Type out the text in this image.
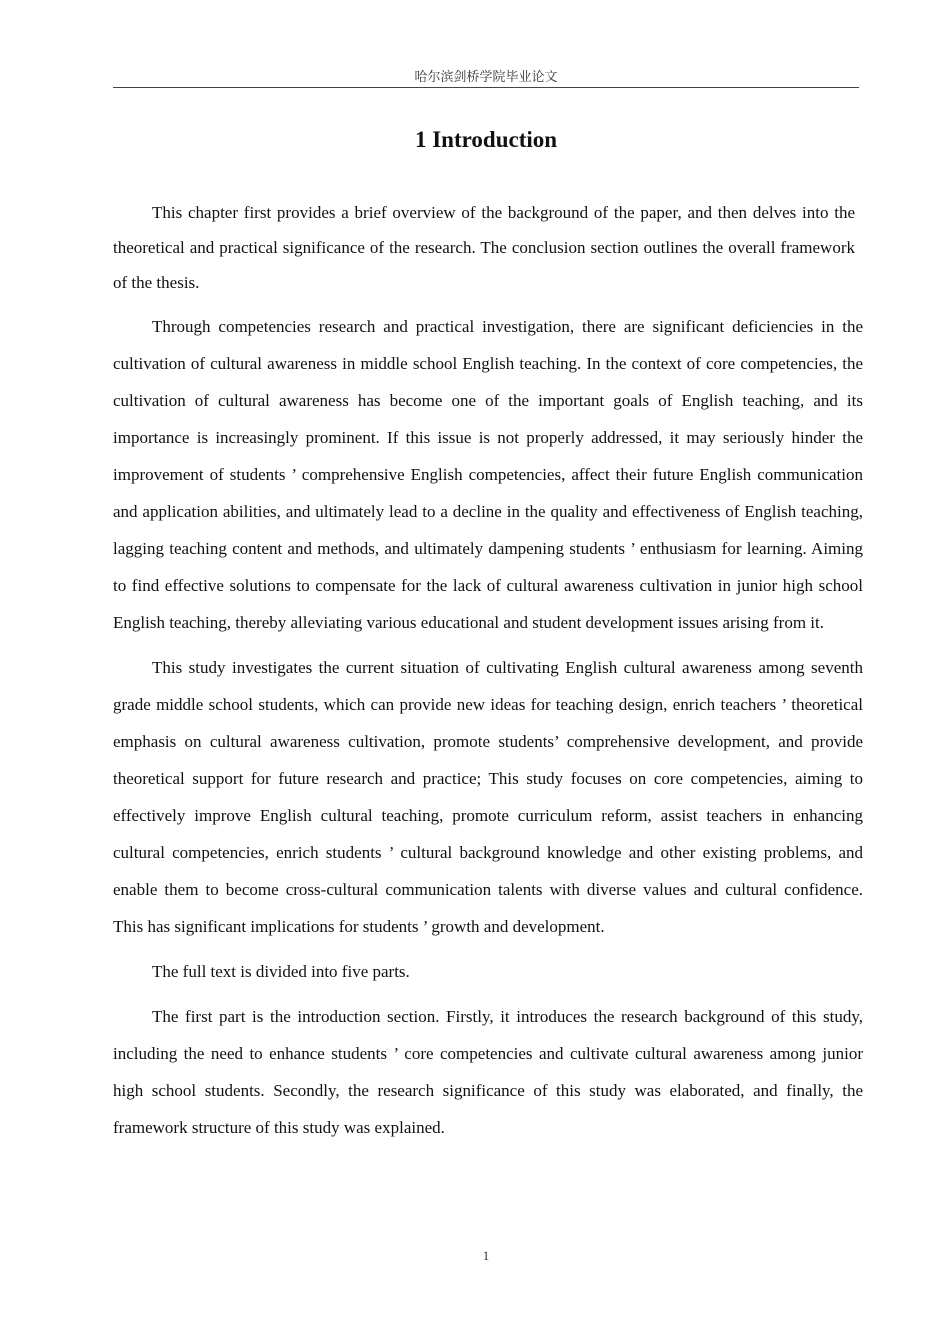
哈尔滨剑桥学院毕业论文
1 Introduction

This chapter first provides a brief overview of the background of the paper, and then delves into the theoretical and practical significance of the research. The conclusion section outlines the overall framework of the thesis.

Through competencies research and practical investigation, there are significant deficiencies in the cultivation of cultural awareness in middle school English teaching. In the context of core competencies, the cultivation of cultural awareness has become one of the important goals of English teaching, and its importance is increasingly prominent. If this issue is not properly addressed, it may seriously hinder the improvement of students ’ comprehensive English competencies, affect their future English communication and application abilities, and ultimately lead to a decline in the quality and effectiveness of English teaching, lagging teaching content and methods, and ultimately dampening students ’ enthusiasm for learning. Aiming to find effective solutions to compensate for the lack of cultural awareness cultivation in junior high school English teaching, thereby alleviating various educational and student development issues arising from it.

This study investigates the current situation of cultivating English cultural awareness among seventh grade middle school students, which can provide new ideas for teaching design, enrich teachers ’ theoretical emphasis on cultural awareness cultivation, promote students’ comprehensive development, and provide theoretical support for future research and practice; This study focuses on core competencies, aiming to effectively improve English cultural teaching, promote curriculum reform, assist teachers in enhancing cultural competencies, enrich students ’ cultural background knowledge and other existing problems, and enable them to become cross-cultural communication talents with diverse values and cultural confidence. This has significant implications for students ’ growth and development.

The full text is divided into five parts.

The first part is the introduction section. Firstly, it introduces the research background of this study, including the need to enhance students ’ core competencies and cultivate cultural awareness among junior high school students. Secondly, the research significance of this study was elaborated, and finally, the framework structure of this study was explained.

1
